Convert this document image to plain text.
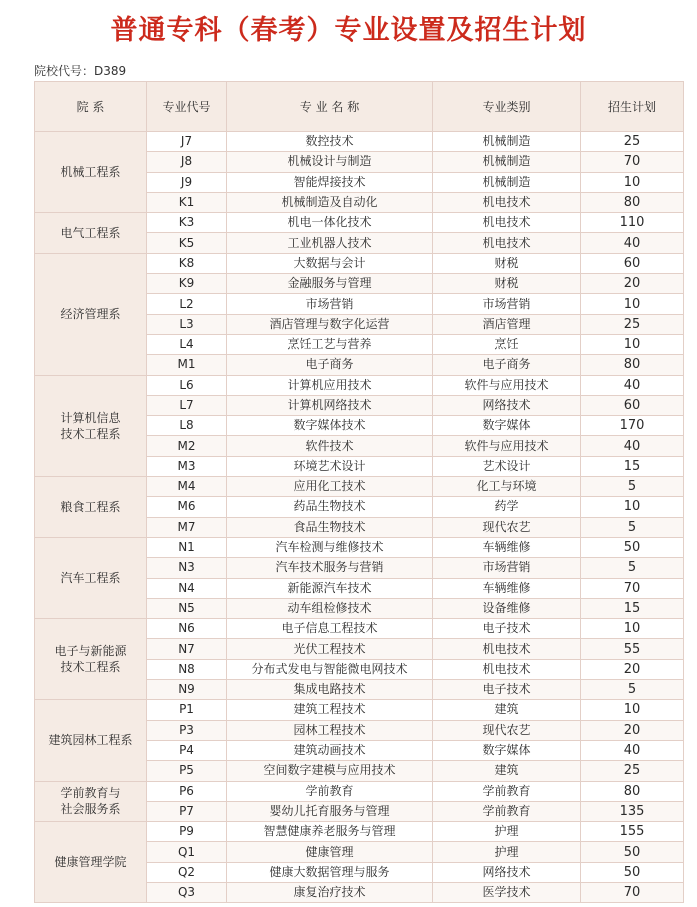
普通专科（春考）专业设置及招生计划
院校代号：D389
院 系	专业代号	专 业 名 称	专业类别	招生计划

机械工程系	J7	数控技术	机械制造	25
	J8	机械设计与制造	机械制造	70
	J9	智能焊接技术	机械制造	10
	K1	机械制造及自动化	机电技术	80

电气工程系	K3	机电一体化技术	机电技术	110
	K5	工业机器人技术	机电技术	40

经济管理系	K8	大数据与会计	财税	60
	K9	金融服务与管理	财税	20
	L2	市场营销	市场营销	10
	L3	酒店管理与数字化运营	酒店管理	25
	L4	烹饪工艺与营养	烹饪	10
	M1	电子商务	电子商务	80

计算机信息
技术工程系	L6	计算机应用技术	软件与应用技术	40
	L7	计算机网络技术	网络技术	60
	L8	数字媒体技术	数字媒体	170
	M2	软件技术	软件与应用技术	40
	M3	环境艺术设计	艺术设计	15

粮食工程系	M4	应用化工技术	化工与环境	5
	M6	药品生物技术	药学	10
	M7	食品生物技术	现代农艺	5

汽车工程系	N1	汽车检测与维修技术	车辆维修	50
	N3	汽车技术服务与营销	市场营销	5
	N4	新能源汽车技术	车辆维修	70
	N5	动车组检修技术	设备维修	15

电子与新能源
技术工程系	N6	电子信息工程技术	电子技术	10
	N7	光伏工程技术	机电技术	55
	N8	分布式发电与智能微电网技术	机电技术	20
	N9	集成电路技术	电子技术	5

建筑园林工程系	P1	建筑工程技术	建筑	10
	P3	园林工程技术	现代农艺	20
	P4	建筑动画技术	数字媒体	40
	P5	空间数字建模与应用技术	建筑	25

学前教育与
社会服务系	P6	学前教育	学前教育	80
	P7	婴幼儿托育服务与管理	学前教育	135

健康管理学院	P9	智慧健康养老服务与管理	护理	155
	Q1	健康管理	护理	50
	Q2	健康大数据管理与服务	网络技术	50
	Q3	康复治疗技术	医学技术	70
